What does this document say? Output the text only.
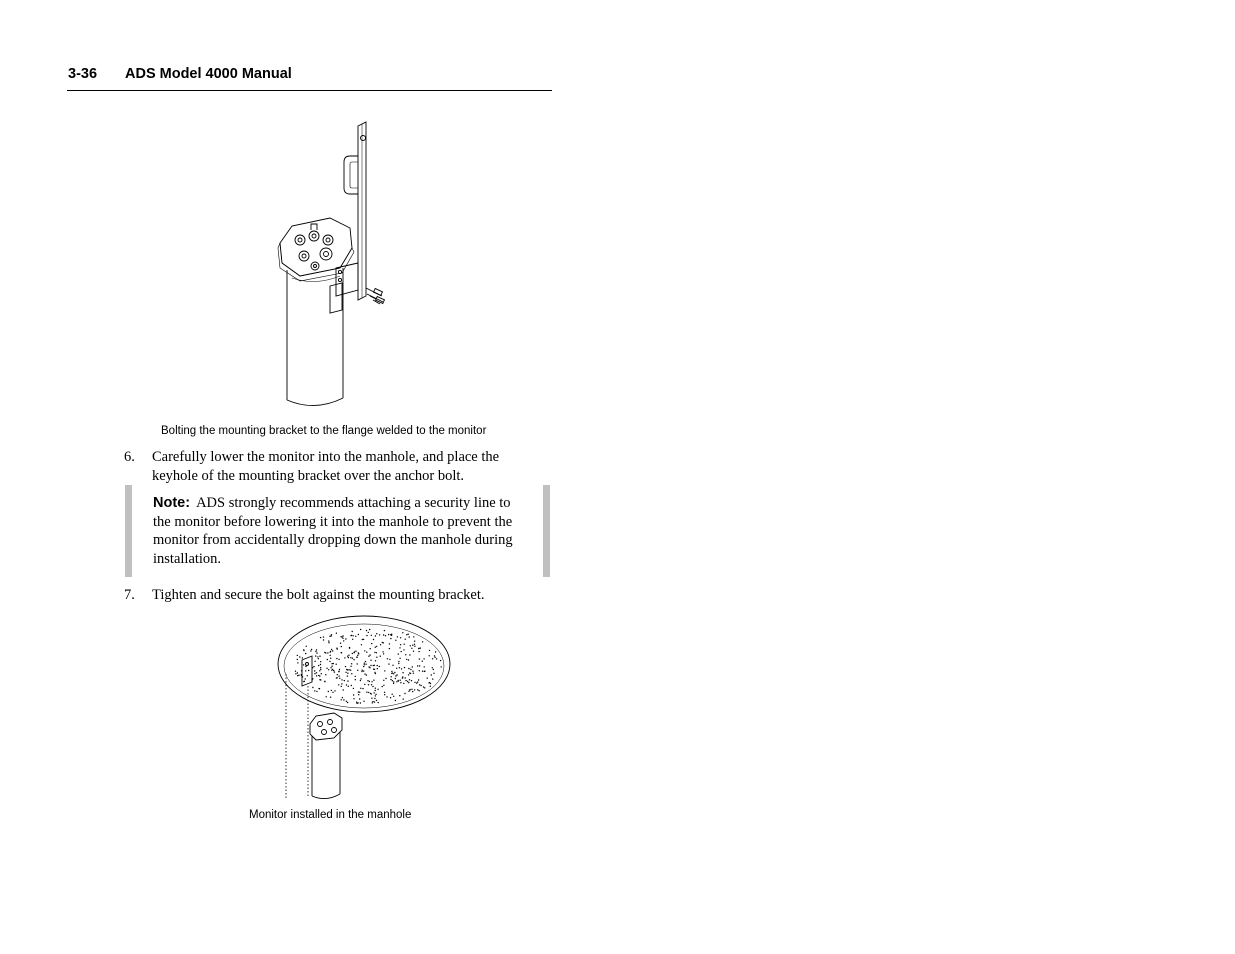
3-36 ADS Model 4000 Manual
Bolting the mounting bracket to the flange welded to the monitor
6. Carefully lower the monitor into the manhole, and place the keyhole of the mounting bracket over the anchor bolt.
Note: ADS strongly recommends attaching a security line to the monitor before lowering it into the manhole to prevent the monitor from accidentally dropping down the manhole during installation.
7. Tighten and secure the bolt against the mounting bracket.
Monitor installed in the manhole
